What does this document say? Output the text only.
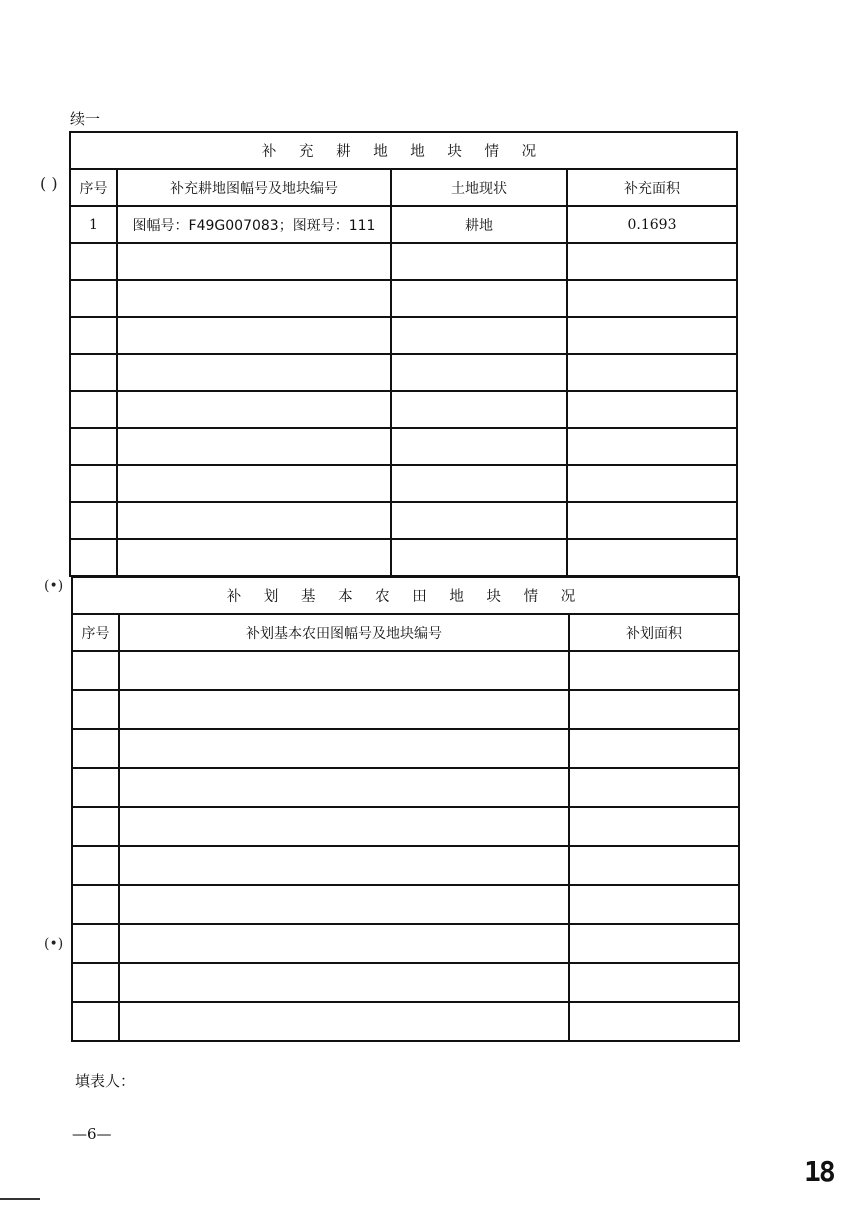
续一
补 充 耕 地 地 块 情 况			
序号	补充耕地图幅号及地块编号	土地现状	补充面积
1	图幅号：F49G007083；图斑号：111	耕地	0.1693

补 划 基 本 农 田 地 块 情 况		
序号	补划基本农田图幅号及地块编号	补划面积

填表人：
—6—
18
( )
(•)
(•)
